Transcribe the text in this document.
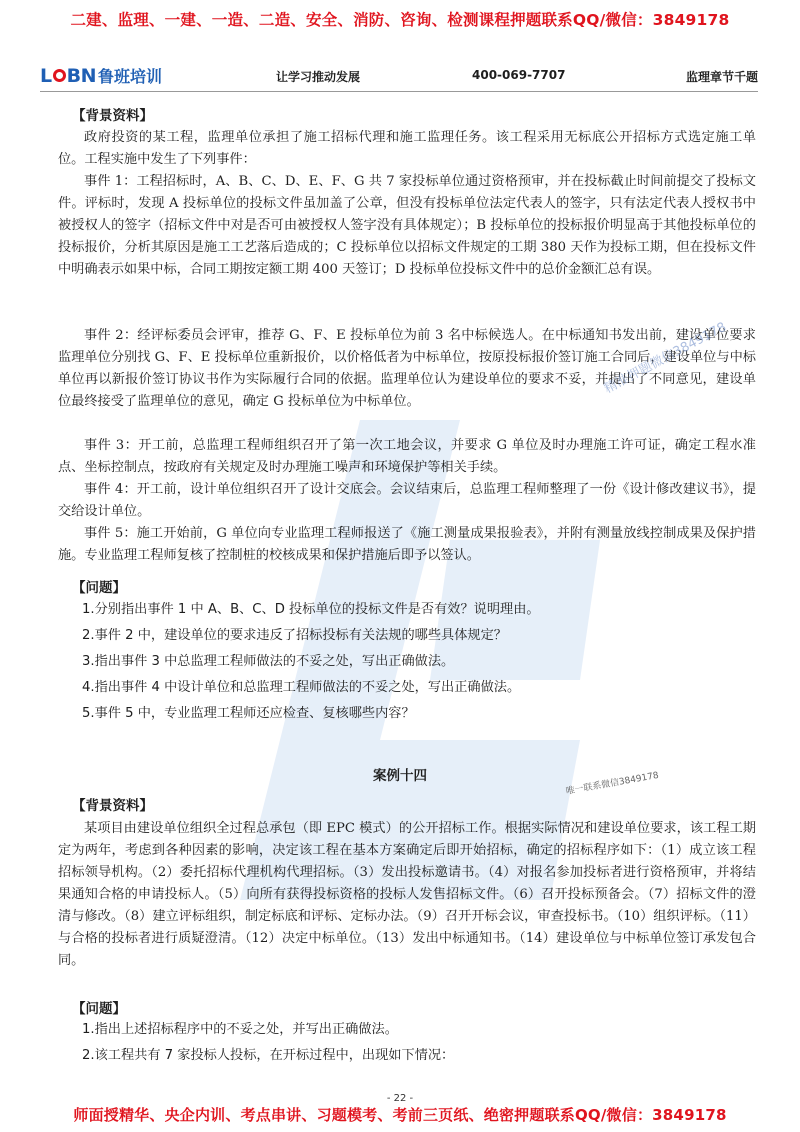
二建、监理、一建、一造、二造、安全、消防、咨询、检测课程押题联系QQ/微信：3849178
L BN 鲁班培训	让学习推动发展	400-069-7707	监理章节千题

【背景资料】

政府投资的某工程，监理单位承担了施工招标代理和施工监理任务。该工程采用无标底公开招标方式选定施工单位。工程实施中发生了下列事件：

事件 1：工程招标时，A、B、C、D、E、F、G 共 7 家投标单位通过资格预审，并在投标截止时间前提交了投标文件。评标时，发现 A 投标单位的投标文件虽加盖了公章，但没有投标单位法定代表人的签字，只有法定代表人授权书中被授权人的签字（招标文件中对是否可由被授权人签字没有具体规定）；B 投标单位的投标报价明显高于其他投标单位的投标报价，分析其原因是施工工艺落后造成的；C 投标单位以招标文件规定的工期 380 天作为投标工期，但在投标文件中明确表示如果中标，合同工期按定额工期 400 天签订；D 投标单位投标文件中的总价金额汇总有误。

事件 2：经评标委员会评审，推荐 G、F、E 投标单位为前 3 名中标候选人。在中标通知书发出前，建设单位要求监理单位分别找 G、F、E 投标单位重新报价，以价格低者为中标单位，按原投标报价签订施工合同后，建设单位与中标单位再以新报价签订协议书作为实际履行合同的依据。监理单位认为建设单位的要求不妥，并提出了不同意见，建设单位最终接受了监理单位的意见，确定 G 投标单位为中标单位。

事件 3：开工前，总监理工程师组织召开了第一次工地会议，并要求 G 单位及时办理施工许可证，确定工程水准点、坐标控制点，按政府有关规定及时办理施工噪声和环境保护等相关手续。

事件 4：开工前，设计单位组织召开了设计交底会。会议结束后，总监理工程师整理了一份《设计修改建议书》，提交给设计单位。

事件 5：施工开始前，G 单位向专业监理工程师报送了《施工测量成果报验表》，并附有测量放线控制成果及保护措施。专业监理工程师复核了控制桩的校核成果和保护措施后即予以签认。

【问题】

1.分别指出事件 1 中 A、B、C、D 投标单位的投标文件是否有效？说明理由。

2.事件 2 中，建设单位的要求违反了招标投标有关法规的哪些具体规定？

3.指出事件 3 中总监理工程师做法的不妥之处，写出正确做法。

4.指出事件 4 中设计单位和总监理工程师做法的不妥之处，写出正确做法。

5.事件 5 中，专业监理工程师还应检查、复核哪些内容？

案例十四

【背景资料】

某项目由建设单位组织全过程总承包（即 EPC 模式）的公开招标工作。根据实际情况和建设单位要求，该工程工期定为两年，考虑到各种因素的影响，决定该工程在基本方案确定后即开始招标，确定的招标程序如下：（1）成立该工程招标领导机构。（2）委托招标代理机构代理招标。（3）发出投标邀请书。（4）对报名参加投标者进行资格预审，并将结果通知合格的申请投标人。（5）向所有获得投标资格的投标人发售招标文件。（6）召开投标预备会。（7）招标文件的澄清与修改。（8）建立评标组织，制定标底和评标、定标办法。（9）召开开标会议，审查投标书。（10）组织评标。（11）与合格的投标者进行质疑澄清。（12）决定中标单位。（13）发出中标通知书。（14）建设单位与中标单位签订承发包合同。

【问题】

1.指出上述招标程序中的不妥之处，并写出正确做法。

2.该工程共有 7 家投标人投标，在开标过程中，出现如下情况：

精准押题微信3849178
唯一联系微信3849178
- 22 -
师面授精华、央企内训、考点串讲、习题模考、考前三页纸、绝密押题联系QQ/微信：3849178
